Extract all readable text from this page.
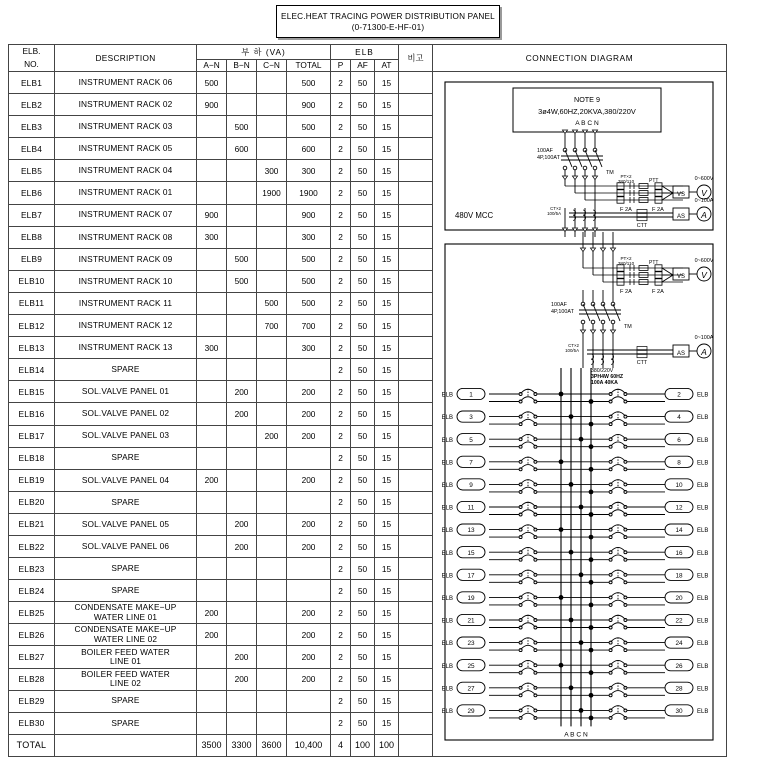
ELEC.HEAT TRACING POWER DISTRIBUTION PANEL
(0-71300-E-HF-01)
ELB.
NO.	DESCRIPTION	부 하 (VA)				ELB			비고	CONNECTION DIAGRAM
		A−N	B−N	C−N	TOTAL	P	AF	AT		
ELB1	INSTRUMENT RACK 06	500			500	2	50	15		
NOTE 9
3ø4W,60HZ,20KVA,380/220V
A B C N
100AF
4P,100AT
TM
PT×2
380/110	PTT
F 2A	F 2A
VS V
0~600V
CT×2
100/5A
CTT
AS A
0~100A
480V MCC
PT×2
380/110	PTT
F 2A	F 2A
VS V
0~600V
100AF
4P,100AT
TM
CT×2
100/5A
CTT
AS A
0~100A
380/220V
3PH4W 60HZ
100A 40KA
1
ELB	2	ELB
3
ELB	4	ELB
5
ELB	6	ELB
7
ELB	8	ELB
9
ELB	10 ELB
11
ELB	12 ELB
13
ELB	14 ELB
15
ELB	16 ELB
17
ELB	18 ELB
19
ELB	20 ELB
21
ELB	22 ELB
23
ELB	24 ELB
25
ELB	26 ELB
27
ELB	28 ELB
29
ELB	30 ELB
A B C N

ELB2	INSTRUMENT RACK 02	900			900	2	50	15		
ELB3	INSTRUMENT RACK 03		500		500	2	50	15		
ELB4	INSTRUMENT RACK 05		600		600	2	50	15		
ELB5	INSTRUMENT RACK 04			300	300	2	50	15		
ELB6	INSTRUMENT RACK 01			1900	1900	2	50	15		
ELB7	INSTRUMENT RACK 07	900			900	2	50	15		
ELB8	INSTRUMENT RACK 08	300			300	2	50	15		
ELB9	INSTRUMENT RACK 09		500		500	2	50	15		
ELB10	INSTRUMENT RACK 10		500		500	2	50	15		
ELB11	INSTRUMENT RACK 11			500	500	2	50	15		
ELB12	INSTRUMENT RACK 12			700	700	2	50	15		
ELB13	INSTRUMENT RACK 13	300			300	2	50	15		
ELB14	SPARE					2	50	15		
ELB15	SOL.VALVE PANEL 01		200		200	2	50	15		
ELB16	SOL.VALVE PANEL 02		200		200	2	50	15		
ELB17	SOL.VALVE PANEL 03			200	200	2	50	15		
ELB18	SPARE					2	50	15		
ELB19	SOL.VALVE PANEL 04	200			200	2	50	15		
ELB20	SPARE					2	50	15		
ELB21	SOL.VALVE PANEL 05		200		200	2	50	15		
ELB22	SOL.VALVE PANEL 06		200		200	2	50	15		
ELB23	SPARE					2	50	15		
ELB24	SPARE					2	50	15		
ELB25	CONDENSATE MAKE−UP
WATER LINE 01	200			200	2	50	15		
ELB26	CONDENSATE MAKE−UP
WATER LINE 02	200			200	2	50	15		
ELB27	BOILER FEED WATER
LINE 01		200		200	2	50	15		
ELB28	BOILER FEED WATER
LINE 02		200		200	2	50	15		
ELB29	SPARE					2	50	15		
ELB30	SPARE					2	50	15		
TOTAL		3500	3300	3600	10,400	4	100	100		
